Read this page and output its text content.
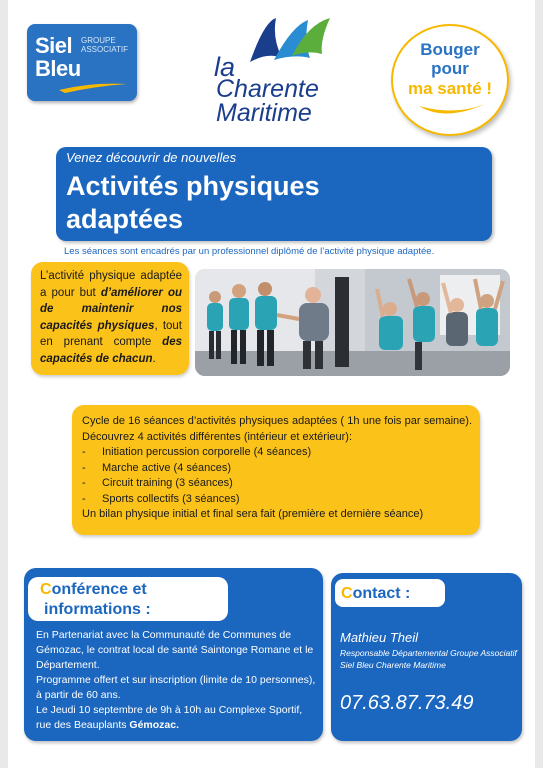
Siel
Bleu
GROUPE
ASSOCIATIF
la
Charente
Maritime
Bouger
pour
ma santé !
Venez découvrir de nouvelles
Activités physiques
adaptées
Les séances sont encadrés par un professionnel diplômé de l’activité physique adaptée.
L’activité physique adaptée a pour but d’améliorer ou de maintenir nos capacités physiques, tout en prenant compte des capacités de chacun.

Cycle de 16 séances d’activités physiques adaptées ( 1h une fois par semaine). Découvrez 4 activités différentes (intérieur et extérieur):

- Initiation percussion corporelle (4 séances)
- Marche active (4 séances)
- Circuit training (3 séances)
- Sports collectifs (3 séances)

Un bilan physique initial et final sera fait (première et dernière séance)

Conférence et
informations :

En Partenariat avec la Communauté de Communes de Gémozac, le contrat local de santé Saintonge Romane et le Département.

Programme offert et sur inscription (limite de 10 personnes), à partir de 60 ans.

Le Jeudi 10 septembre de 9h à 10h au Complexe Sportif, rue des Beauplants Gémozac.

Contact :
Mathieu Theil
Responsable Départemental Groupe Associatif Siel Bleu Charente Maritime
07.63.87.73.49
